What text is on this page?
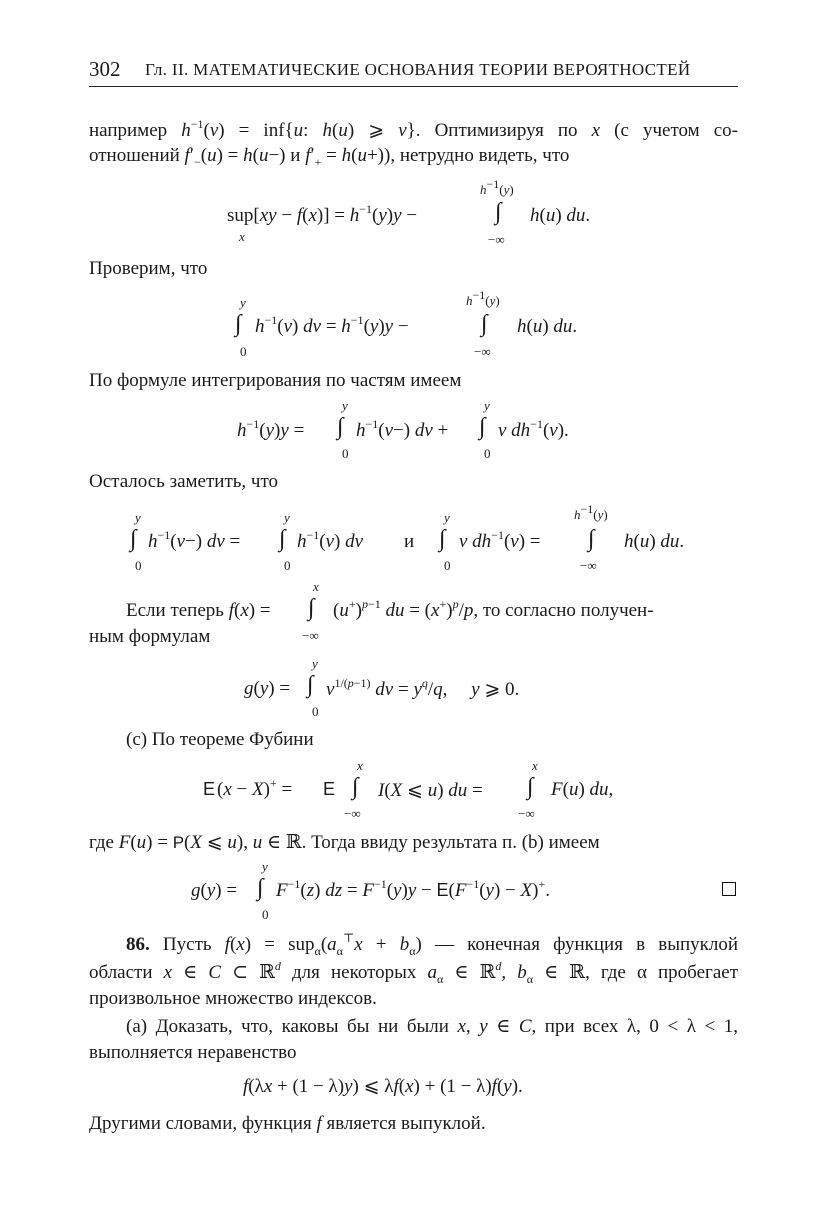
302 Гл. II. МАТЕМАТИЧЕСКИЕ ОСНОВАНИЯ ТЕОРИИ ВЕРОЯТНОСТЕЙ
например $h^{-1}(v) = inf\{u$: h(u) ⩾ v}. Оптимизируя по x (с учетом со-
отношений $f'_-(u) = h(u-)$ и $f'_+ = h(u+)$), нетрудно видеть, что
$sup[xy - f(x)] = h^{-1}(y)y$ −
x
∫
$h^{-1}(y)$
−∞
h(u) du.
Проверим, что
y
∫
0
$h^{-1}(v)$ dv = $h^{-1}(y)y$ −
$h^{-1}(y)$
∫
−∞
h(u) du.
По формуле интегрирования по частям имеем
$h^{-1}(y)y$ =
y
∫
0
$h^{-1}(v-)$ dv +
y
∫
0
v $dh^{-1}(v)$.
Осталось заметить, что
y
∫
0
$h^{-1}(v-)$ dv =
y
∫
0
$h^{-1}(v)$ dv и
y
∫
0
v $dh^{-1}(v)$ =
$h^{-1}(y)$
∫
−∞
h(u) du.
Если теперь f(x) =
x
∫
−∞
$(u^+)^{p-1}$ du = $(x^+)^p/p$, то согласно получен-
ным формулам
g(y) =
y
∫
0
$v^{1/(p-1)}$ dv = $y^q/q$,     y ⩾ 0.
(c) По теореме Фубини
E (x − X)+ = E
x
∫
−∞
I(X ⩽ u) du =
x
∫
−∞
F(u) du,
где F(u) = P(X ⩽ u), u ∈ ℝ. Тогда ввиду результата п. (b) имеем
g(y) =
y
∫
0
$F^{-1}(z)$ dz = $F^{-1}(y)y - E(F^{-1}(y) - X)^+$.
86. Пусть $f(x) = sup_\alpha(a_\alpha^⊤x + b_\alpha)$ — конечная функция в выпуклой
области x ∈ C ⊂ ℝ$^d$ для некоторых $a_\alpha$ ∈ ℝ$^d$, $b_\alpha$ ∈ ℝ, где α пробегает
произвольное множество индексов.
(a) Доказать, что, каковы бы ни были x, y ∈ C, при всех λ, 0 < λ < 1,
выполняется неравенство
f(λx + (1 − λ)y) ⩽ λf(x) + (1 − λ)f(y).
Другими словами, функция f является выпуклой.
